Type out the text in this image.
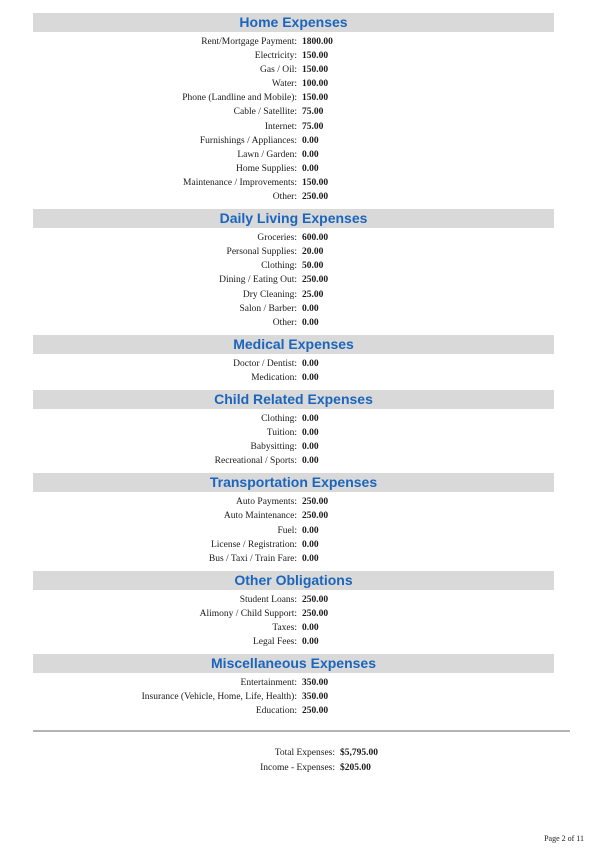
Home Expenses
Rent/Mortgage Payment: 1800.00
Electricity: 150.00
Gas / Oil: 150.00
Water: 100.00
Phone (Landline and Mobile): 150.00
Cable / Satellite: 75.00
Internet: 75.00
Furnishings / Appliances: 0.00
Lawn / Garden: 0.00
Home Supplies: 0.00
Maintenance / Improvements: 150.00
Other: 250.00
Daily Living Expenses
Groceries: 600.00
Personal Supplies: 20.00
Clothing: 50.00
Dining / Eating Out: 250.00
Dry Cleaning: 25.00
Salon / Barber: 0.00
Other: 0.00
Medical Expenses
Doctor / Dentist: 0.00
Medication: 0.00
Child Related Expenses
Clothing: 0.00
Tuition: 0.00
Babysitting: 0.00
Recreational / Sports: 0.00
Transportation Expenses
Auto Payments: 250.00
Auto Maintenance: 250.00
Fuel: 0.00
License / Registration: 0.00
Bus / Taxi / Train Fare: 0.00
Other Obligations
Student Loans: 250.00
Alimony / Child Support: 250.00
Taxes: 0.00
Legal Fees: 0.00
Miscellaneous Expenses
Entertainment: 350.00
Insurance (Vehicle, Home, Life, Health): 350.00
Education: 250.00
Total Expenses: $5,795.00
Income - Expenses: $205.00
Page 2 of 11
